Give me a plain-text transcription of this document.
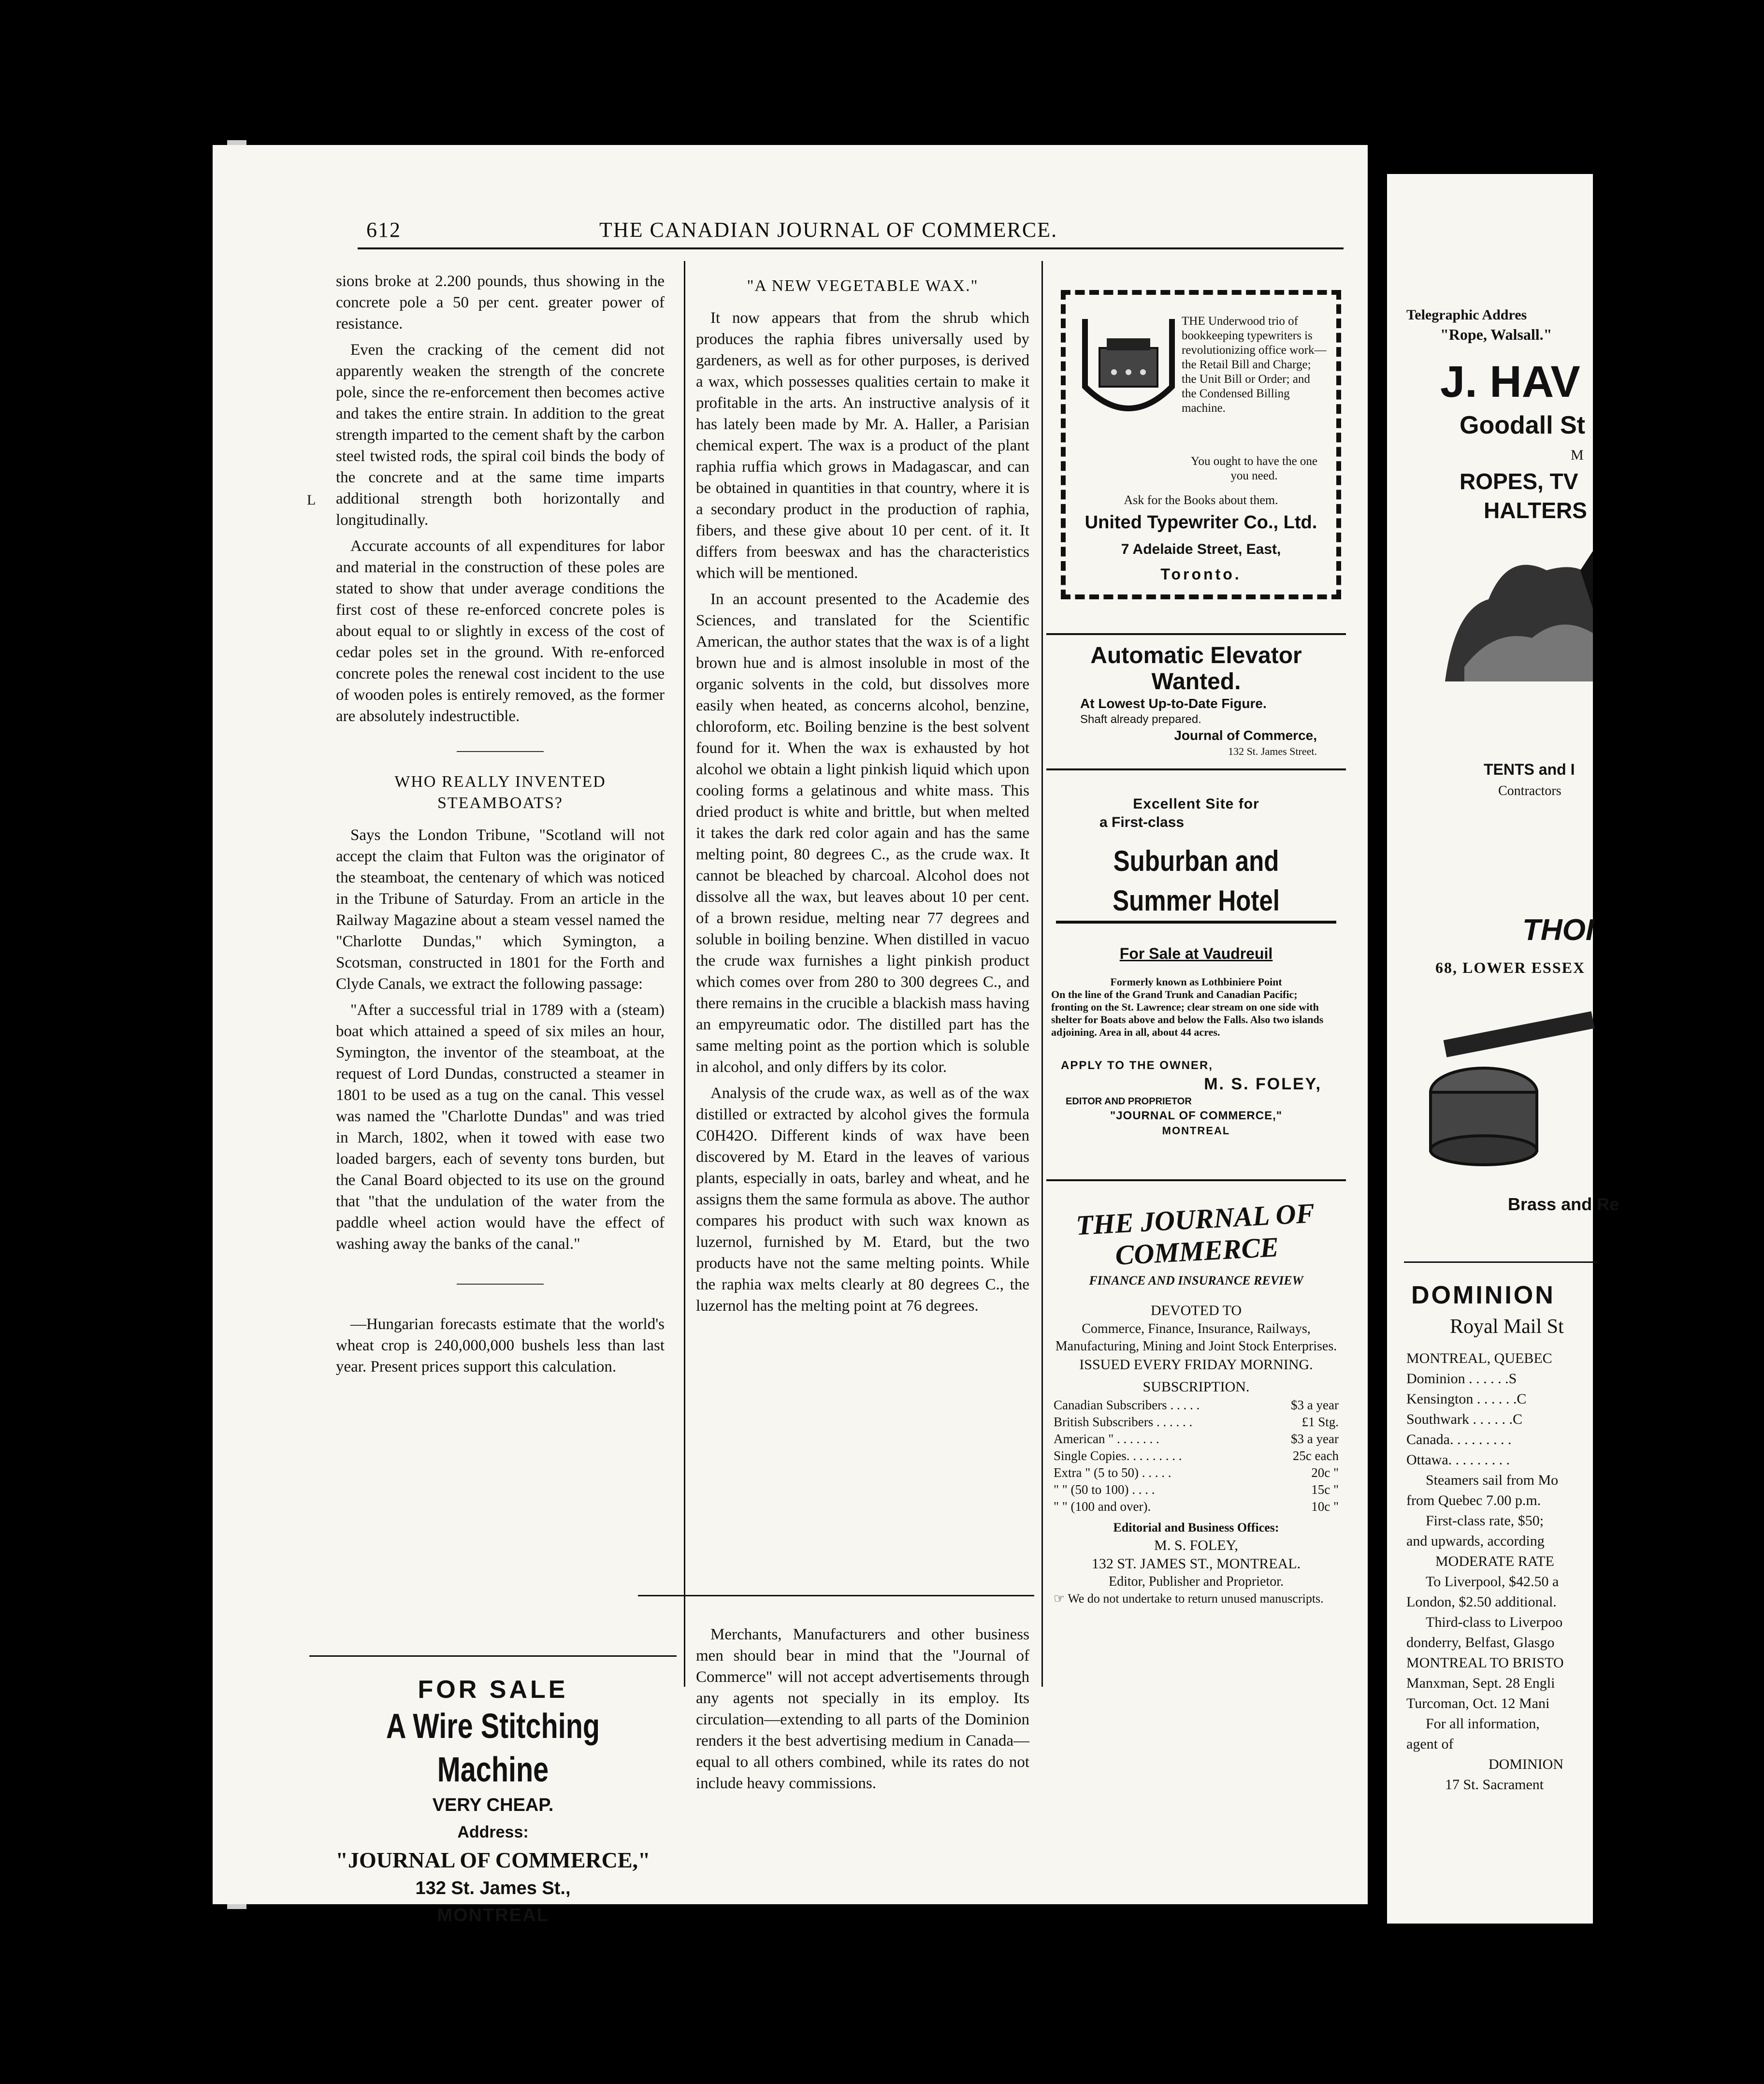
612	THE CANADIAN JOURNAL OF COMMERCE.
L

sions broke at 2.200 pounds, thus showing in the concrete pole a 50 per cent. greater power of resistance.

Even the cracking of the cement did not apparently weaken the strength of the concrete pole, since the re-enforcement then becomes active and takes the entire strain. In addition to the great strength imparted to the cement shaft by the carbon steel twisted rods, the spiral coil binds the body of the concrete and at the same time imparts additional strength both horizontally and longitudinally.

Accurate accounts of all expenditures for labor and material in the construction of these poles are stated to show that under average conditions the first cost of these re-enforced concrete poles is about equal to or slightly in excess of the cost of cedar poles set in the ground. With re-enforced concrete poles the renewal cost incident to the use of wooden poles is entirely removed, as the former are absolutely indestructible.

WHO REALLY INVENTED STEAMBOATS?

Says the London Tribune, "Scotland will not accept the claim that Fulton was the originator of the steamboat, the centenary of which was noticed in the Tribune of Saturday. From an article in the Railway Magazine about a steam vessel named the "Charlotte Dundas," which Symington, a Scotsman, constructed in 1801 for the Forth and Clyde Canals, we extract the following passage:

"After a successful trial in 1789 with a (steam) boat which attained a speed of six miles an hour, Symington, the inventor of the steamboat, at the request of Lord Dundas, constructed a steamer in 1801 to be used as a tug on the canal. This vessel was named the "Charlotte Dundas" and was tried in March, 1802, when it towed with ease two loaded bargers, each of seventy tons burden, but the Canal Board objected to its use on the ground that "that the undulation of the water from the paddle wheel action would have the effect of washing away the banks of the canal."

—Hungarian forecasts estimate that the world's wheat crop is 240,000,000 bushels less than last year. Present prices support this calculation.

FOR SALE
A Wire Stitching Machine
VERY CHEAP.
Address:
"JOURNAL OF COMMERCE,"
132 St. James St.,
MONTREAL
"A NEW VEGETABLE WAX."

It now appears that from the shrub which produces the raphia fibres universally used by gardeners, as well as for other purposes, is derived a wax, which possesses qualities certain to make it profitable in the arts. An instructive analysis of it has lately been made by Mr. A. Haller, a Parisian chemical expert. The wax is a product of the plant raphia ruffia which grows in Madagascar, and can be obtained in quantities in that country, where it is a secondary product in the production of raphia, fibers, and these give about 10 per cent. of it. It differs from beeswax and has the characteristics which will be mentioned.

In an account presented to the Academie des Sciences, and translated for the Scientific American, the author states that the wax is of a light brown hue and is almost insoluble in most of the organic solvents in the cold, but dissolves more easily when heated, as concerns alcohol, benzine, chloroform, etc. Boiling benzine is the best solvent found for it. When the wax is exhausted by hot alcohol we obtain a light pinkish liquid which upon cooling forms a gelatinous and white mass. This dried product is white and brittle, but when melted it takes the dark red color again and has the same melting point, 80 degrees C., as the crude wax. It cannot be bleached by charcoal. Alcohol does not dissolve all the wax, but leaves about 10 per cent. of a brown residue, melting near 77 degrees and soluble in boiling benzine. When distilled in vacuo the crude wax furnishes a light pinkish product which comes over from 280 to 300 degrees C., and there remains in the crucible a blackish mass having an empyreumatic odor. The distilled part has the same melting point as the portion which is soluble in alcohol, and only differs by its color.

Analysis of the crude wax, as well as of the wax distilled or extracted by alcohol gives the formula C0H42O. Different kinds of wax have been discovered by M. Etard in the leaves of various plants, especially in oats, barley and wheat, and he assigns them the same formula as above. The author compares his product with such wax known as luzernol, furnished by M. Etard, but the two products have not the same melting points. While the raphia wax melts clearly at 80 degrees C., the luzernol has the melting point at 76 degrees.

Merchants, Manufacturers and other business men should bear in mind that the "Journal of Commerce" will not accept advertisements through any agents not specially in its employ. Its circulation—extending to all parts of the Dominion renders it the best advertising medium in Canada—equal to all others combined, while its rates do not include heavy commissions.

THE Underwood trio of bookkeeping typewriters is revolutionizing office work—the Retail Bill and Charge; the Unit Bill or Order; and the Condensed Billing machine.
You ought to have the one you need.
Ask for the Books about them.
United Typewriter Co., Ltd.
7 Adelaide Street, East,
Toronto.
Automatic Elevator
Wanted.
At Lowest Up-to-Date Figure.
Shaft already prepared.
Journal of Commerce,
132 St. James Street.
Excellent Site for
a First-class
Suburban and Summer Hotel
For Sale at Vaudreuil
Formerly known as Lothbiniere Point
On the line of the Grand Trunk and Canadian Pacific; fronting on the St. Lawrence; clear stream on one side with shelter for Boats above and below the Falls. Also two islands adjoining. Area in all, about 44 acres.
APPLY TO THE OWNER,
M. S. FOLEY,
EDITOR AND PROPRIETOR
"JOURNAL OF COMMERCE,"
MONTREAL
THE JOURNAL OF COMMERCE
FINANCE AND INSURANCE REVIEW
DEVOTED TO
Commerce, Finance, Insurance, Railways, Manufacturing, Mining and Joint Stock Enterprises.
ISSUED EVERY FRIDAY MORNING.
SUBSCRIPTION.
Canadian Subscribers . . . . .	$3 a year
British Subscribers . . . . . .	£1 Stg.
American " . . . . . . .	$3 a year
Single Copies. . . . . . . . .	25c each
Extra " (5 to 50) . . . . .	20c "
" " (50 to 100) . . . .	15c "
" " (100 and over).	10c "
Editorial and Business Offices:
M. S. FOLEY,
132 ST. JAMES ST., MONTREAL.
Editor, Publisher and Proprietor.
☞ We do not undertake to return unused manuscripts.
Telegraphic Addres
"Rope, Walsall."
J. HAV
Goodall St
M
ROPES, TV
HALTERS
TENTS and I
Contractors
THOI
68, LOWER ESSEX
Brass and Re
DOMINION
Royal Mail St
MONTREAL, QUEBEC
Dominion . . . . . .S
Kensington . . . . . .C
Southwark . . . . . .C
Canada. . . . . . . . .
Ottawa. . . . . . . . .
Steamers sail from Mo
from Quebec 7.00 p.m.
First-class rate, $50;
and upwards, according
MODERATE RATE
To Liverpool, $42.50 a
London, $2.50 additional.
Third-class to Liverpoo
donderry, Belfast, Glasgo
MONTREAL TO BRISTO
Manxman, Sept. 28 Engli
Turcoman, Oct. 12 Mani
For all information,
agent of
DOMINION
17 St. Sacrament
